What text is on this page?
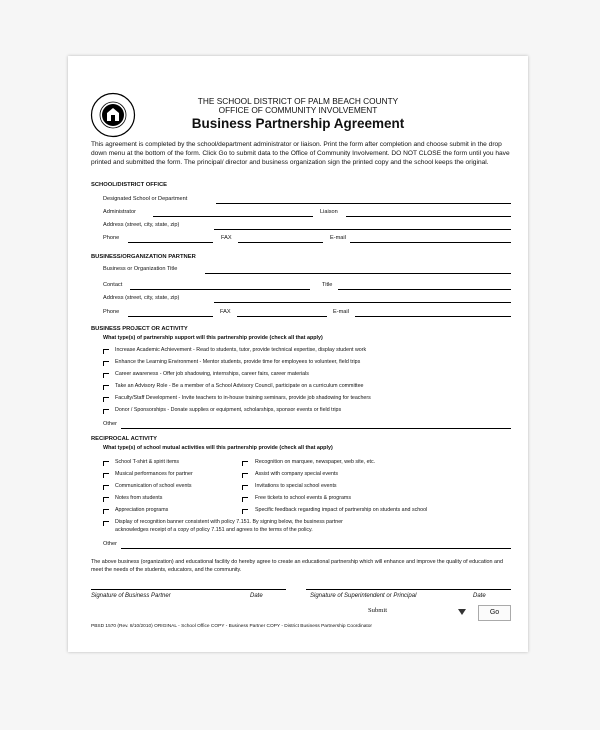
THE SCHOOL DISTRICT OF PALM BEACH COUNTY
OFFICE OF COMMUNITY INVOLVEMENT
Business Partnership Agreement
This agreement is completed by the school/department administrator or liaison. Print the form after completion and choose submit in the drop down menu at the bottom of the form. Click Go to submit data to the Office of Community Involvement. DO NOT CLOSE the form until you have printed and submitted the form. The principal/ director and business organization sign the printed copy and the school keeps the original.
SCHOOL/DISTRICT OFFICE
Designated School or Department
Administrator	Liaison
Address (street, city, state, zip)
Phone	FAX	E-mail
BUSINESS/ORGANIZATION PARTNER
Business or Organization Title
Contact	Title
Address (street, city, state, zip)
Phone	FAX	E-mail
BUSINESS PROJECT OR ACTIVITY
What type(s) of partnership support will this partnership provide (check all that apply)
Increase Academic Achievement - Read to students, tutor, provide technical expertise, display student work
Enhance the Learning Environment - Mentor students, provide time for employees to volunteer, field trips
Career awareness - Offer job shadowing, internships, career fairs, career materials
Take an Advisory Role - Be a member of a School Advisory Council, participate on a curriculum committee
Faculty/Staff Development - Invite teachers to in-house training seminars, provide job shadowing for teachers
Donor / Sponsorships - Donate supplies or equipment, scholarships, sponsor events or field trips
Other
RECIPROCAL ACTIVITY
What type(s) of school mutual activities will this partnership provide (check all that apply)
School T-shirt & spirit items
Musical performances for partner
Communication of school events
Notes from students
Appreciation programs
Recognition on marquee, newspaper, web site, etc.
Assist with company special events
Invitations to special school events
Free tickets to school events & programs
Specific feedback regarding impact of partnership on students and school
Display of recognition banner consistent with policy 7.151. By signing below, the business partner
acknowledges receipt of a copy of policy 7.151 and agrees to the terms of the policy.
Other
The above business (organization) and educational facility do hereby agree to create an educational partnership which will enhance and improve the quality of education and meet the needs of the students, educators, and the community.
Signature of Business Partner	Date	Signature of Superintendent or Principal	Date
Submit	Go
PBSD 1570 (Rev. 8/10/2010) ORIGINAL - School Office COPY - Business Partner COPY - District Business Partnership Coordinator
